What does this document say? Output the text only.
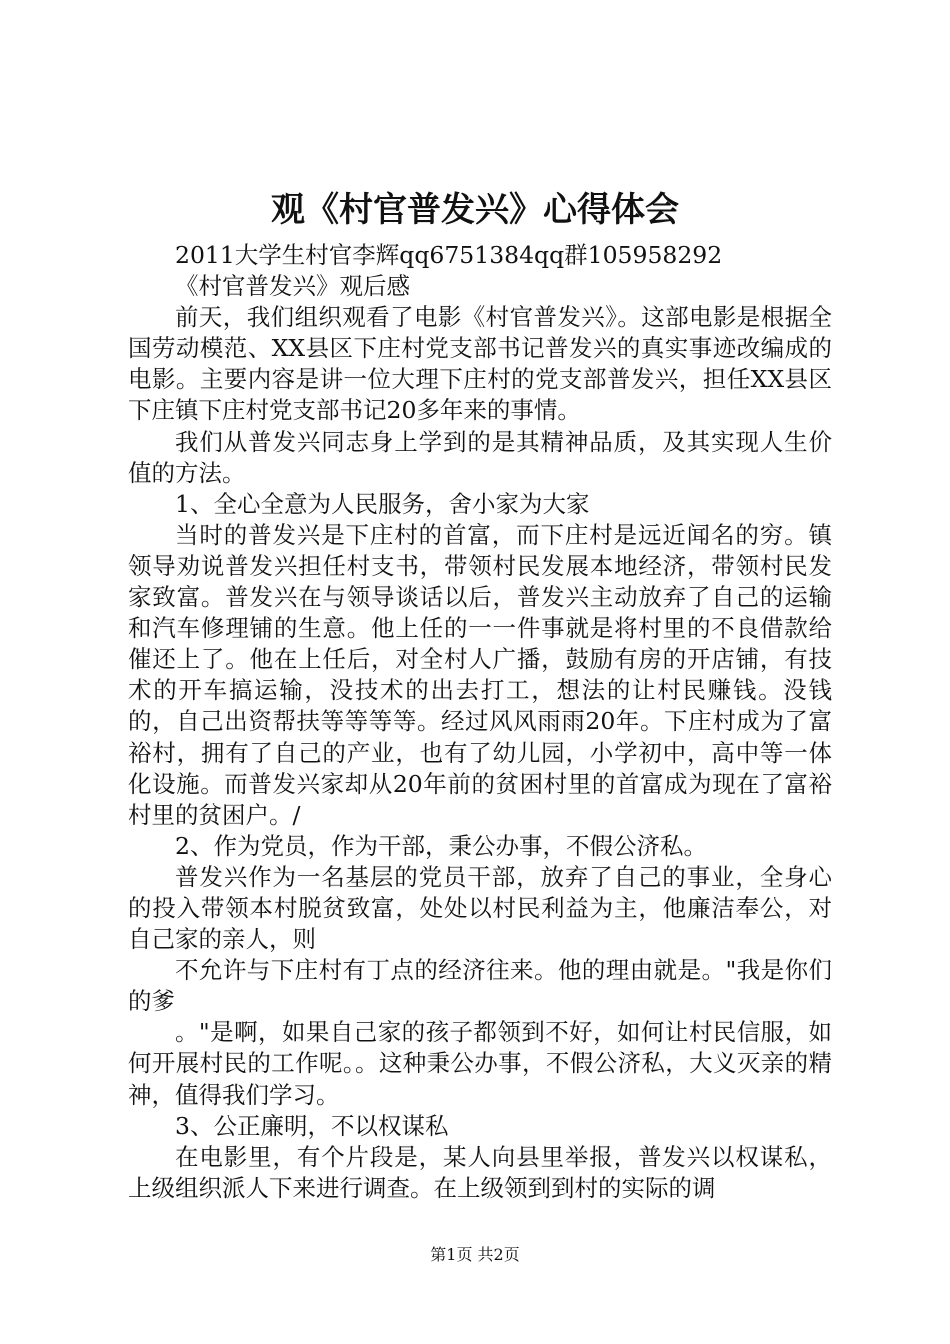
观《村官普发兴》心得体会

2011大学生村官李辉qq6751384qq群105958292

《村官普发兴》观后感

前天，我们组织观看了电影《村官普发兴》。这部电影是根据全国劳动模范、XX县区下庄村党支部书记普发兴的真实事迹改编成的电影。主要内容是讲一位大理下庄村的党支部普发兴，担任XX县区下庄镇下庄村党支部书记20多年来的事情。

我们从普发兴同志身上学到的是其精神品质，及其实现人生价值的方法。

1、全心全意为人民服务，舍小家为大家

当时的普发兴是下庄村的首富，而下庄村是远近闻名的穷。镇领导劝说普发兴担任村支书，带领村民发展本地经济，带领村民发家致富。普发兴在与领导谈话以后，普发兴主动放弃了自己的运输和汽车修理铺的生意。他上任的一一件事就是将村里的不良借款给催还上了。他在上任后，对全村人广播，鼓励有房的开店铺，有技术的开车搞运输，没技术的出去打工，想法的让村民赚钱。没钱的，自己出资帮扶等等等等。经过风风雨雨20年。下庄村成为了富裕村，拥有了自己的产业，也有了幼儿园，小学初中，高中等一体化设施。而普发兴家却从20年前的贫困村里的首富成为现在了富裕村里的贫困户。/

2、作为党员，作为干部，秉公办事，不假公济私。

普发兴作为一名基层的党员干部，放弃了自己的事业，全身心的投入带领本村脱贫致富，处处以村民利益为主，他廉洁奉公，对自己家的亲人，则

不允许与下庄村有丁点的经济往来。他的理由就是。"我是你们的爹

。"是啊，如果自己家的孩子都领到不好，如何让村民信服，如何开展村民的工作呢。。这种秉公办事，不假公济私，大义灭亲的精神，值得我们学习。

3、公正廉明，不以权谋私

在电影里，有个片段是，某人向县里举报，普发兴以权谋私，上级组织派人下来进行调查。在上级领到到村的实际的调

第1页 共2页
